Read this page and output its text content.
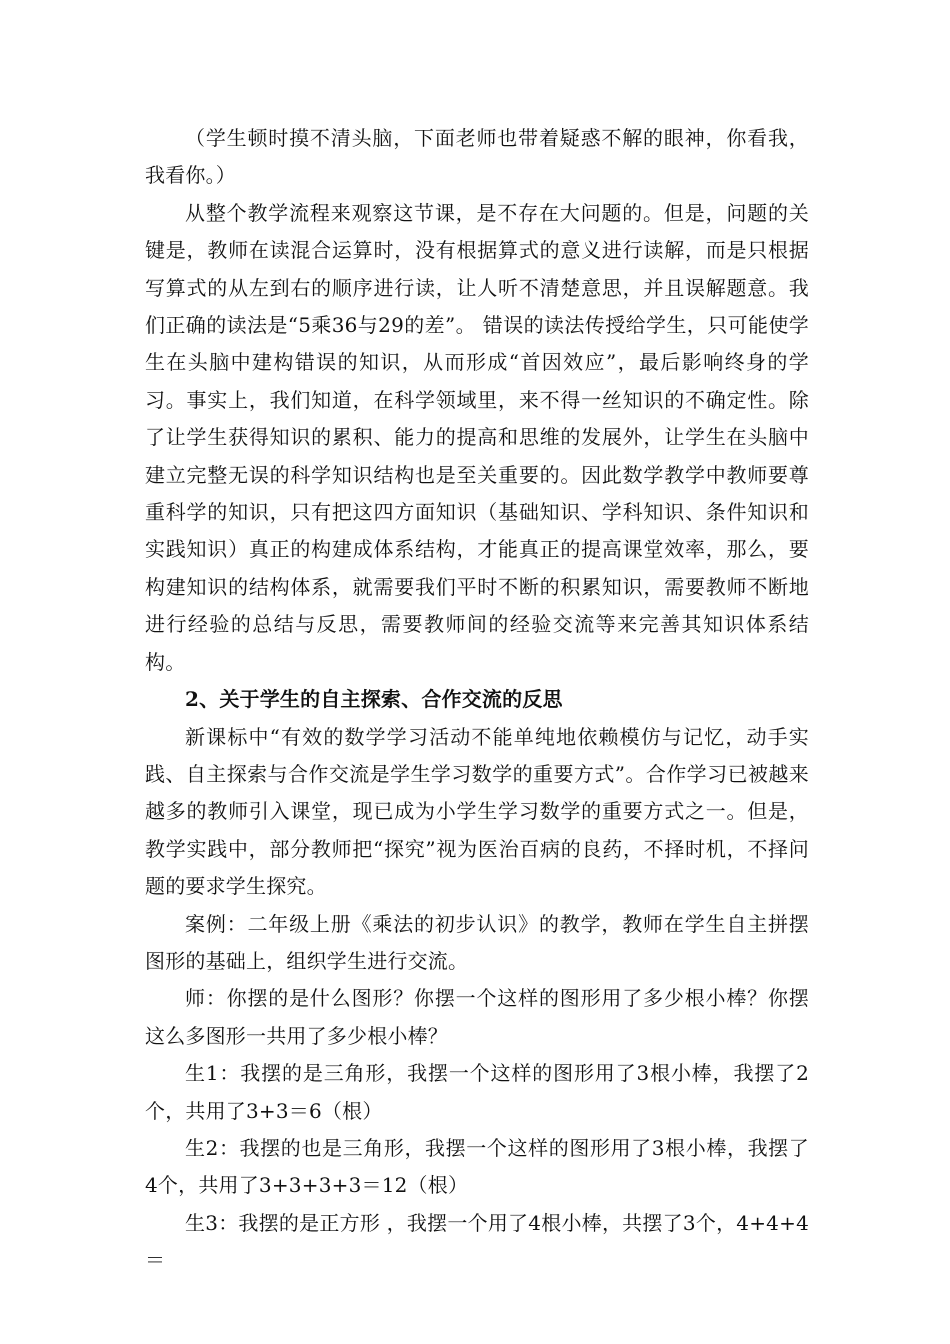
（学生顿时摸不清头脑，下面老师也带着疑惑不解的眼神，你看我，我看你。）

从整个教学流程来观察这节课，是不存在大问题的。但是，问题的关键是，教师在读混合运算时，没有根据算式的意义进行读解，而是只根据写算式的从左到右的顺序进行读，让人听不清楚意思，并且误解题意。我们正确的读法是“5乘36与29的差”。 错误的读法传授给学生，只可能使学生在头脑中建构错误的知识，从而形成“首因效应”，最后影响终身的学习。事实上，我们知道，在科学领域里，来不得一丝知识的不确定性。除了让学生获得知识的累积、能力的提高和思维的发展外，让学生在头脑中建立完整无误的科学知识结构也是至关重要的。因此数学教学中教师要尊重科学的知识，只有把这四方面知识（基础知识、学科知识、条件知识和实践知识）真正的构建成体系结构，才能真正的提高课堂效率，那么，要构建知识的结构体系，就需要我们平时不断的积累知识，需要教师不断地进行经验的总结与反思，需要教师间的经验交流等来完善其知识体系结构。

2、关于学生的自主探索、合作交流的反思

新课标中“有效的数学学习活动不能单纯地依赖模仿与记忆，动手实践、自主探索与合作交流是学生学习数学的重要方式”。合作学习已被越来越多的教师引入课堂，现已成为小学生学习数学的重要方式之一。但是，教学实践中，部分教师把“探究”视为医治百病的良药，不择时机，不择问题的要求学生探究。

案例：二年级上册《乘法的初步认识》的教学，教师在学生自主拼摆图形的基础上，组织学生进行交流。

师：你摆的是什么图形？你摆一个这样的图形用了多少根小棒？你摆这么多图形一共用了多少根小棒？

生1：我摆的是三角形，我摆一个这样的图形用了3根小棒，我摆了2个，共用了3+3＝6（根）

生2：我摆的也是三角形，我摆一个这样的图形用了3根小棒，我摆了4个，共用了3+3+3+3＝12（根）

生3：我摆的是正方形 ，我摆一个用了4根小棒，共摆了3个，4+4+4＝
